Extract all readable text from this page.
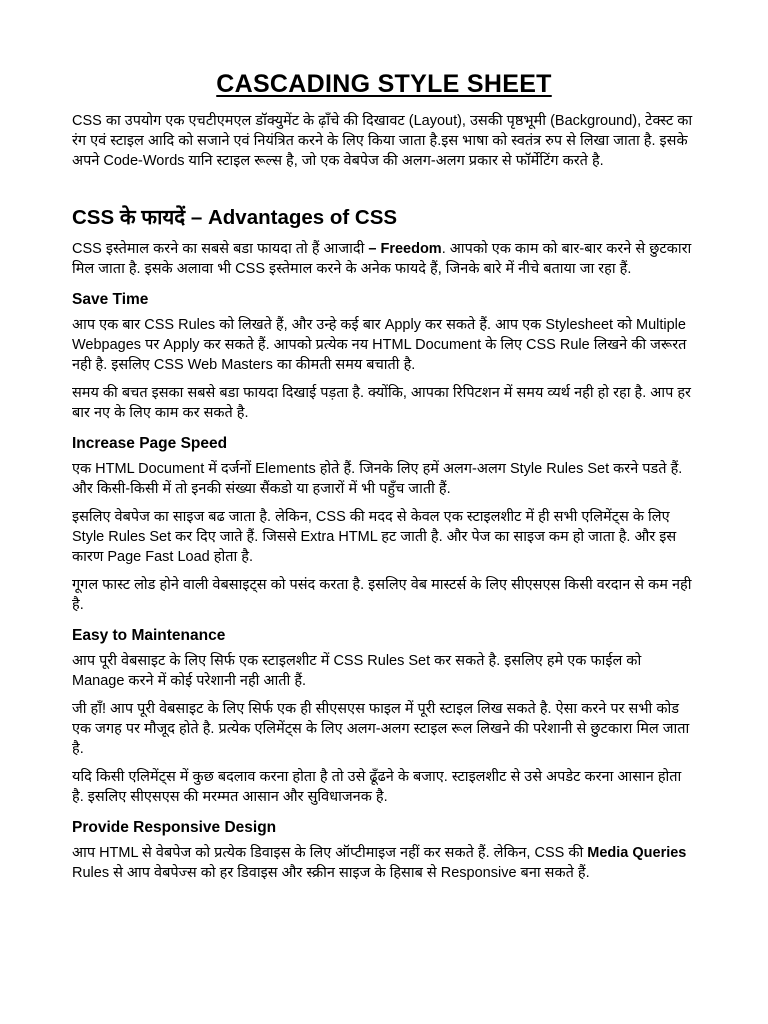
CASCADING STYLE SHEET

CSS का उपयोग एक एचटीएमएल डॉक्युमेंट के ढ़ाँचे की दिखावट (Layout), उसकी पृष्ठभूमी (Background), टेक्स्ट का रंग एवं स्टाइल आदि को सजाने एवं नियंत्रित करने के लिए किया जाता है.इस भाषा को स्वतंत्र रुप से लिखा जाता है. इसके अपने Code-Words यानि स्टाइल रूल्स है, जो एक वेबपेज की अलग-अलग प्रकार से फॉर्मेटिंग करते है.

CSS के फायदें – Advantages of CSS

CSS इस्तेमाल करने का सबसे बडा फायदा तो हैं आजादी – Freedom. आपको एक काम को बार-बार करने से छुटकारा मिल जाता है. इसके अलावा भी CSS इस्तेमाल करने के अनेक फायदे हैं, जिनके बारे में नीचे बताया जा रहा हैं.

Save Time

आप एक बार CSS Rules को लिखते हैं, और उन्हे कई बार Apply कर सकते हैं. आप एक Stylesheet को Multiple Webpages पर Apply कर सकते हैं. आपको प्रत्येक नय HTML Document के लिए CSS Rule लिखने की जरूरत नही है. इसलिए CSS Web Masters का कीमती समय बचाती है.

समय की बचत इसका सबसे बडा फायदा दिखाई पड़ता है. क्योंकि, आपका रिपिटशन में समय व्यर्थ नही हो रहा है. आप हर बार नए के लिए काम कर सकते है.

Increase Page Speed

एक HTML Document में दर्जनों Elements होते हैं. जिनके लिए हमें अलग-अलग Style Rules Set करने पडते हैं. और किसी-किसी में तो इनकी संख्या सैंकडो या हजारों में भी पहुँच जाती हैं.

इसलिए वेबपेज का साइज बढ जाता है. लेकिन, CSS की मदद से केवल एक स्टाइलशीट में ही सभी एलिमेंट्स के लिए Style Rules Set कर दिए जाते हैं. जिससे Extra HTML हट जाती है. और पेज का साइज कम हो जाता है. और इस कारण Page Fast Load होता है.

गूगल फास्ट लोड होने वाली वेबसाइट्स को पसंद करता है. इसलिए वेब मास्टर्स के लिए सीएसएस किसी वरदान से कम नही है.

Easy to Maintenance

आप पूरी वेबसाइट के लिए सिर्फ एक स्टाइलशीट में CSS Rules Set कर सकते है. इसलिए हमे एक फाईल को Manage करने में कोई परेशानी नही आती हैं.

जी हाँ! आप पूरी वेबसाइट के लिए सिर्फ एक ही सीएसएस फाइल में पूरी स्टाइल लिख सकते है. ऐसा करने पर सभी कोड एक जगह पर मौजूद होते है. प्रत्येक एलिमेंट्स के लिए अलग-अलग स्टाइल रूल लिखने की परेशानी से छुटकारा मिल जाता है.

यदि किसी एलिमेंट्स में कुछ बदलाव करना होता है तो उसे ढूँढने के बजाए. स्टाइलशीट से उसे अपडेट करना आसान होता है. इसलिए सीएसएस की मरम्मत आसान और सुविधाजनक है.

Provide Responsive Design

आप HTML से वेबपेज को प्रत्येक डिवाइस के लिए ऑप्टीमाइज नहीं कर सकते हैं. लेकिन, CSS की Media Queries Rules से आप वेबपेज्स को हर डिवाइस और स्क्रीन साइज के हिसाब से Responsive बना सकते हैं.
